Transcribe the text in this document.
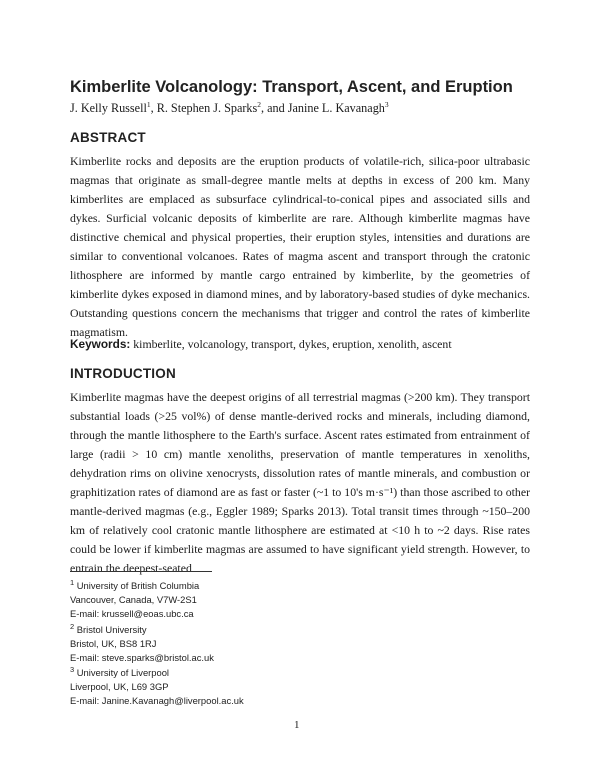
Kimberlite Volcanology: Transport, Ascent, and Eruption
J. Kelly Russell$^1$, R. Stephen J. Sparks$^2$, and Janine L. Kavanagh$^3$
ABSTRACT
Kimberlite rocks and deposits are the eruption products of volatile-rich, silica-poor ultrabasic magmas that originate as small-degree mantle melts at depths in excess of 200 km. Many kimberlites are emplaced as subsurface cylindrical-to-conical pipes and associated sills and dykes. Surficial volcanic deposits of kimberlite are rare. Although kimberlite magmas have distinctive chemical and physical properties, their eruption styles, intensities and durations are similar to conventional volcanoes. Rates of magma ascent and transport through the cratonic lithosphere are informed by mantle cargo entrained by kimberlite, by the geometries of kimberlite dykes exposed in diamond mines, and by laboratory-based studies of dyke mechanics. Outstanding questions concern the mechanisms that trigger and control the rates of kimberlite magmatism.
Keywords: kimberlite, volcanology, transport, dykes, eruption, xenolith, ascent
INTRODUCTION
Kimberlite magmas have the deepest origins of all terrestrial magmas (>200 km). They transport substantial loads (>25 vol%) of dense mantle-derived rocks and minerals, including diamond, through the mantle lithosphere to the Earth's surface. Ascent rates estimated from entrainment of large (radii > 10 cm) mantle xenoliths, preservation of mantle temperatures in xenoliths, dehydration rims on olivine xenocrysts, dissolution rates of mantle minerals, and combustion or graphitization rates of diamond are as fast or faster (~1 to 10's m·s⁻¹) than those ascribed to other mantle-derived magmas (e.g., Eggler 1989; Sparks 2013). Total transit times through ~150–200 km of relatively cool cratonic mantle lithosphere are estimated at <10 h to ~2 days. Rise rates could be lower if kimberlite magmas are assumed to have significant yield strength. However, to entrain the deepest-seated
$^1$ University of British Columbia
Vancouver, Canada, V7W-2S1
E-mail: krussell@eoas.ubc.ca
$^2$ Bristol University
Bristol, UK, BS8 1RJ
E-mail: steve.sparks@bristol.ac.uk
$^3$ University of Liverpool
Liverpool, UK, L69 3GP
E-mail: Janine.Kavanagh@liverpool.ac.uk
1
